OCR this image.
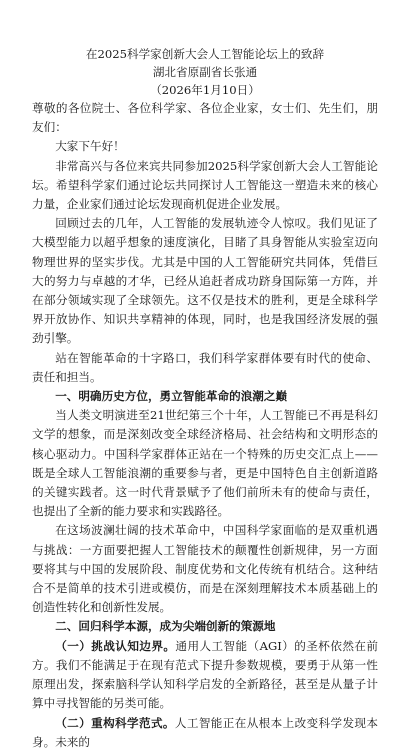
在2025科学家创新大会人工智能论坛上的致辞
湖北省原副省长张通
（2026年1月10日）

尊敬的各位院士、各位科学家、各位企业家，女士们、先生们，朋友们：

大家下午好！

非常高兴与各位来宾共同参加2025科学家创新大会人工智能论坛。希望科学家们通过论坛共同探讨人工智能这一塑造未来的核心力量，企业家们通过论坛发现商机促进企业发展。

回顾过去的几年，人工智能的发展轨迹令人惊叹。我们见证了大模型能力以超乎想象的速度演化，目睹了具身智能从实验室迈向物理世界的坚实步伐。尤其是中国的人工智能研究共同体，凭借巨大的努力与卓越的才华，已经从追赶者成功跻身国际第一方阵，并在部分领域实现了全球领先。这不仅是技术的胜利，更是全球科学界开放协作、知识共享精神的体现，同时，也是我国经济发展的强劲引擎。

站在智能革命的十字路口，我们科学家群体要有时代的使命、责任和担当。

一、明确历史方位，勇立智能革命的浪潮之巅

当人类文明演进至21世纪第三个十年，人工智能已不再是科幻文学的想象，而是深刻改变全球经济格局、社会结构和文明形态的核心驱动力。中国科学家群体正站在一个特殊的历史交汇点上——既是全球人工智能浪潮的重要参与者，更是中国特色自主创新道路的关键实践者。这一时代背景赋予了他们前所未有的使命与责任，也提出了全新的能力要求和实践路径。

在这场波澜壮阔的技术革命中，中国科学家面临的是双重机遇与挑战：一方面要把握人工智能技术的颠覆性创新规律，另一方面要将其与中国的发展阶段、制度优势和文化传统有机结合。这种结合不是简单的技术引进或模仿，而是在深刻理解技术本质基础上的创造性转化和创新性发展。

二、回归科学本源，成为尖端创新的策源地

（一）挑战认知边界。通用人工智能（AGI）的圣杯依然在前方。我们不能满足于在现有范式下提升参数规模，要勇于从第一性原理出发，探索脑科学认知科学启发的全新路径，甚至是从量子计算中寻找智能的另类可能。

（二）重构科学范式。人工智能正在从根本上改变科学发现本身。未来的
